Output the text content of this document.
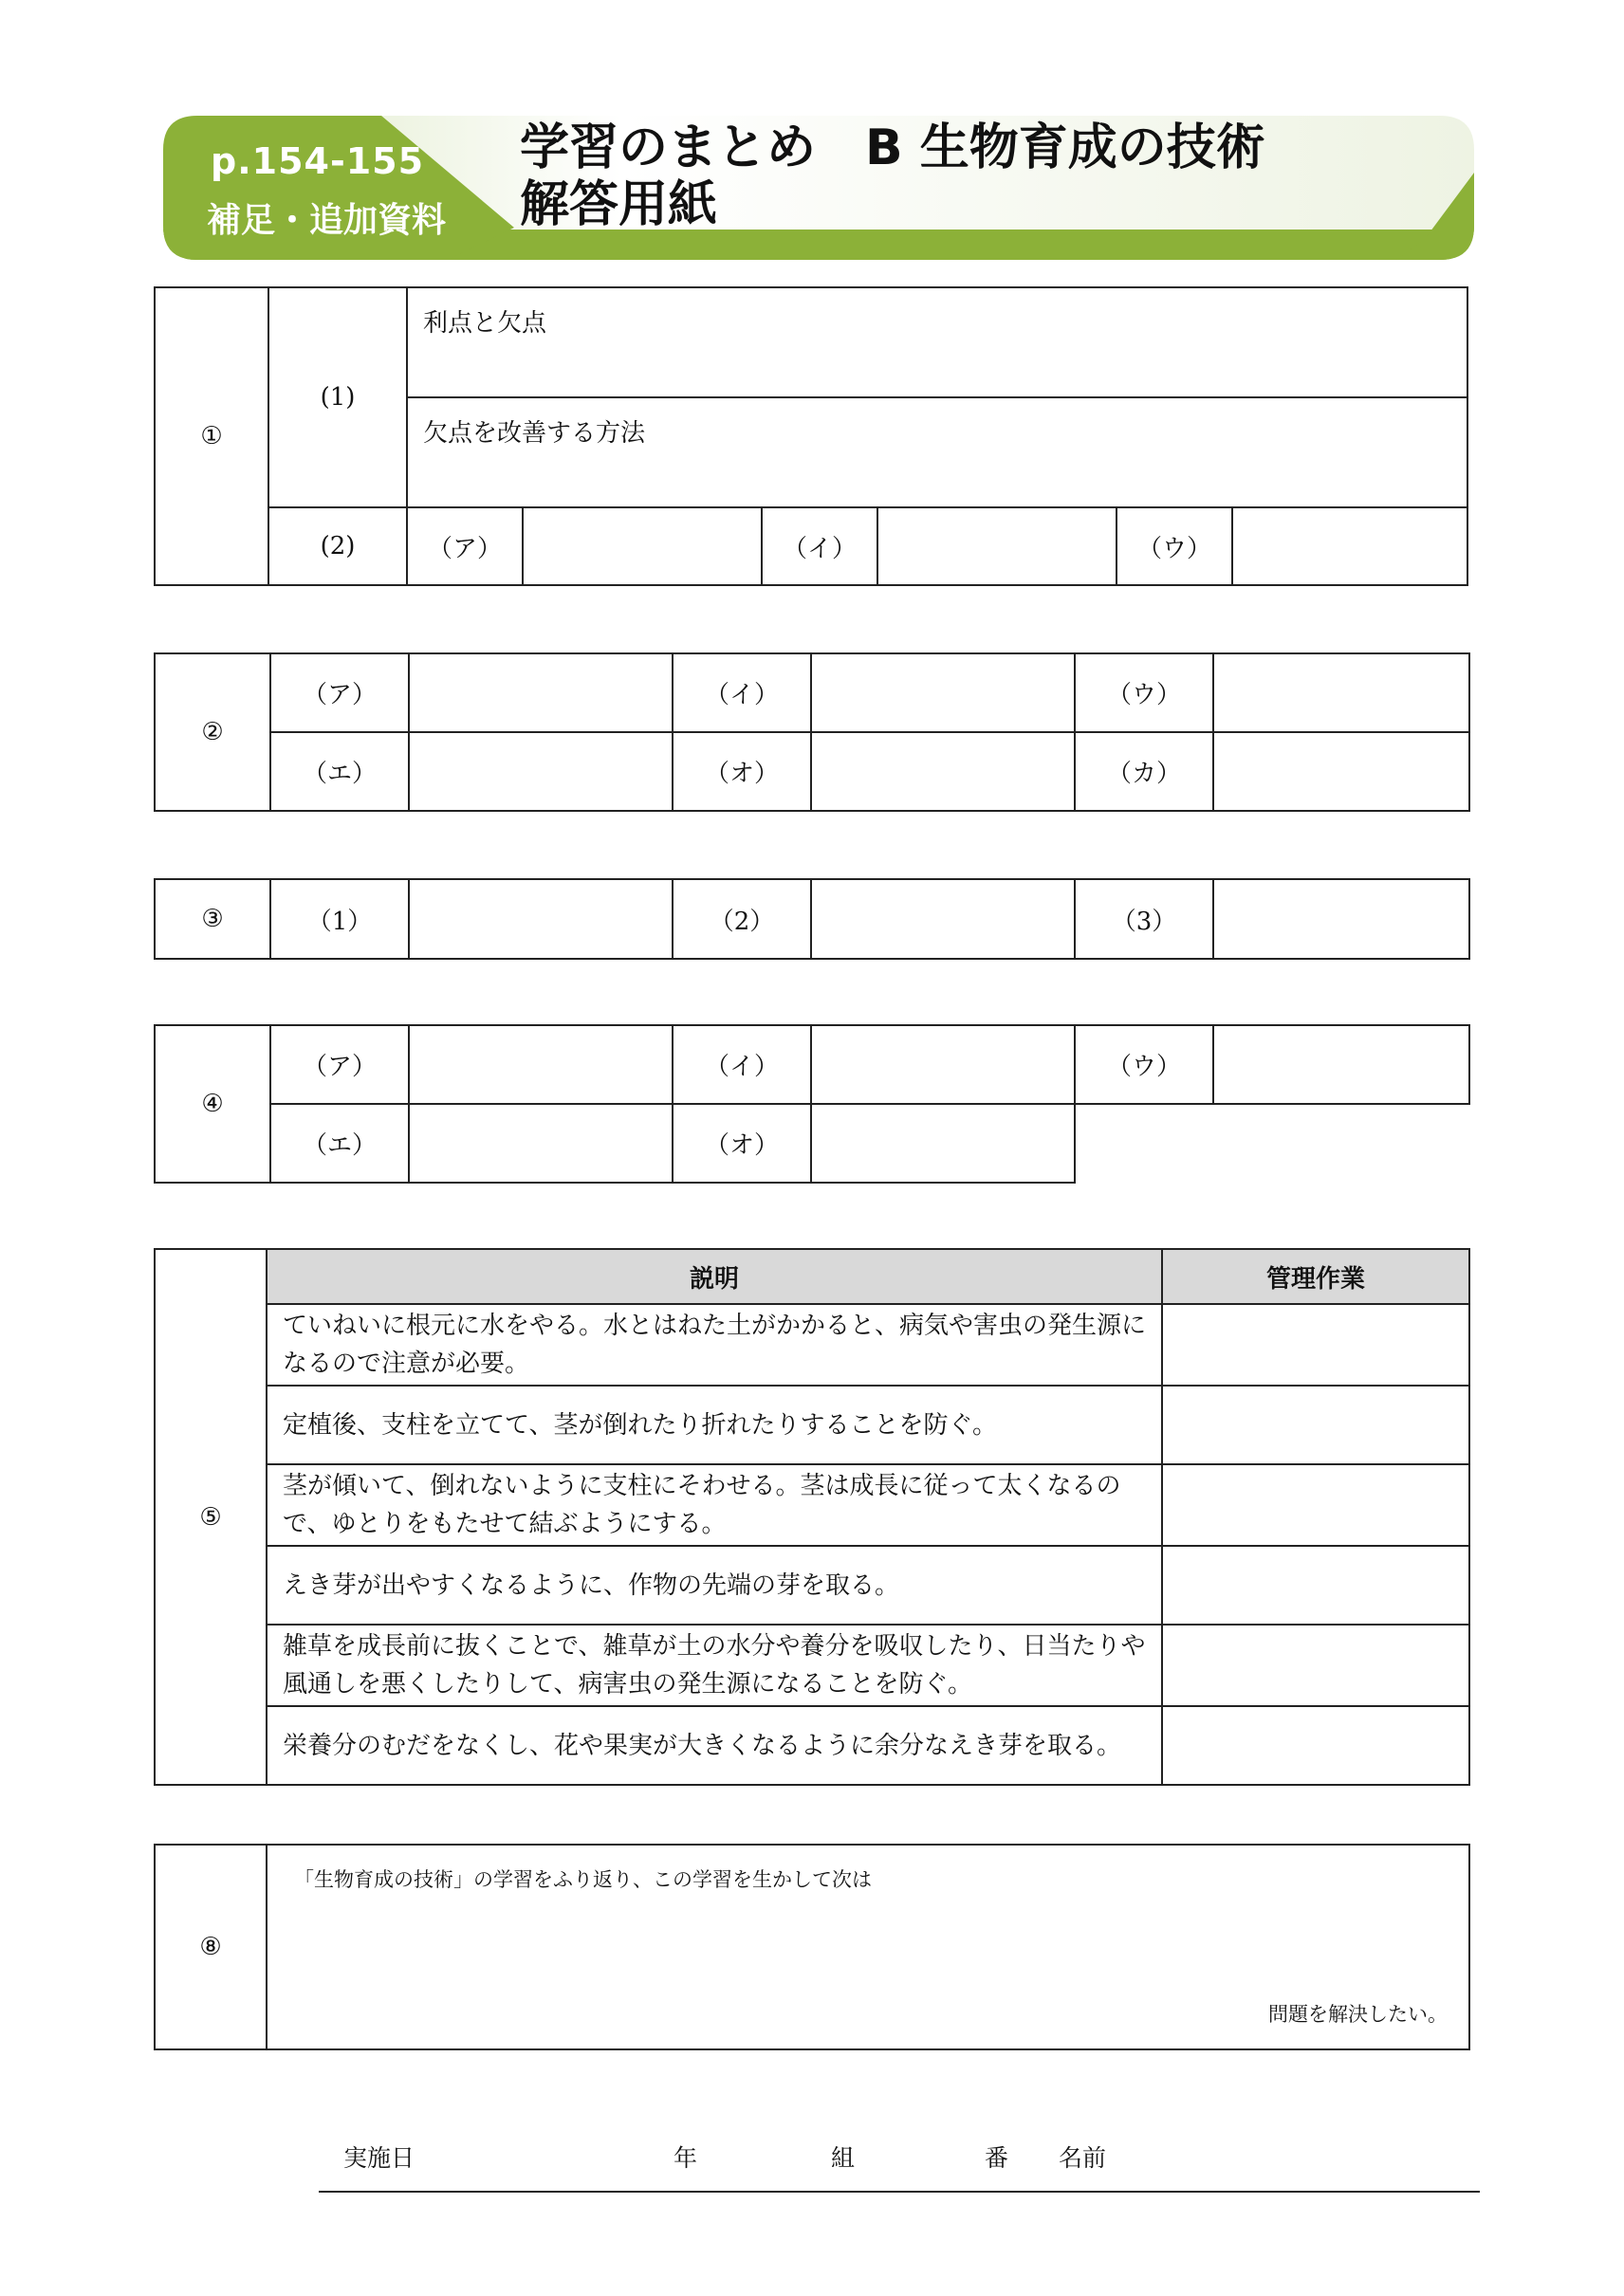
p.154-155
補足・追加資料
学習のまとめ　B 生物育成の技術
解答用紙
①	(1)	利点と欠点					
		欠点を改善する方法					
	(2)	（ア）		（イ）		（ウ）	
②	（ア）		（イ）		（ウ）	
	（エ）		（オ）		（カ）	
③	（1）		（2）		（3）	
④	（ア）		（イ）		（ウ）	
	（エ）		（オ）			
⑤	説明	管理作業
	ていねいに根元に水をやる。水とはねた土がかかると、病気や害虫の発生源になるので注意が必要。	
	定植後、支柱を立てて、茎が倒れたり折れたりすることを防ぐ。	
	茎が傾いて、倒れないように支柱にそわせる。茎は成長に従って太くなるので、ゆとりをもたせて結ぶようにする。	
	えき芽が出やすくなるように、作物の先端の芽を取る。	
	雑草を成長前に抜くことで、雑草が土の水分や養分を吸収したり、日当たりや風通しを悪くしたりして、病害虫の発生源になることを防ぐ。	
	栄養分のむだをなくし、花や果実が大きくなるように余分なえき芽を取る。	
⑧	
「生物育成の技術」の学習をふり返り、この学習を生かして次は
問題を解決したい。
実施日	年	組	番 名前
